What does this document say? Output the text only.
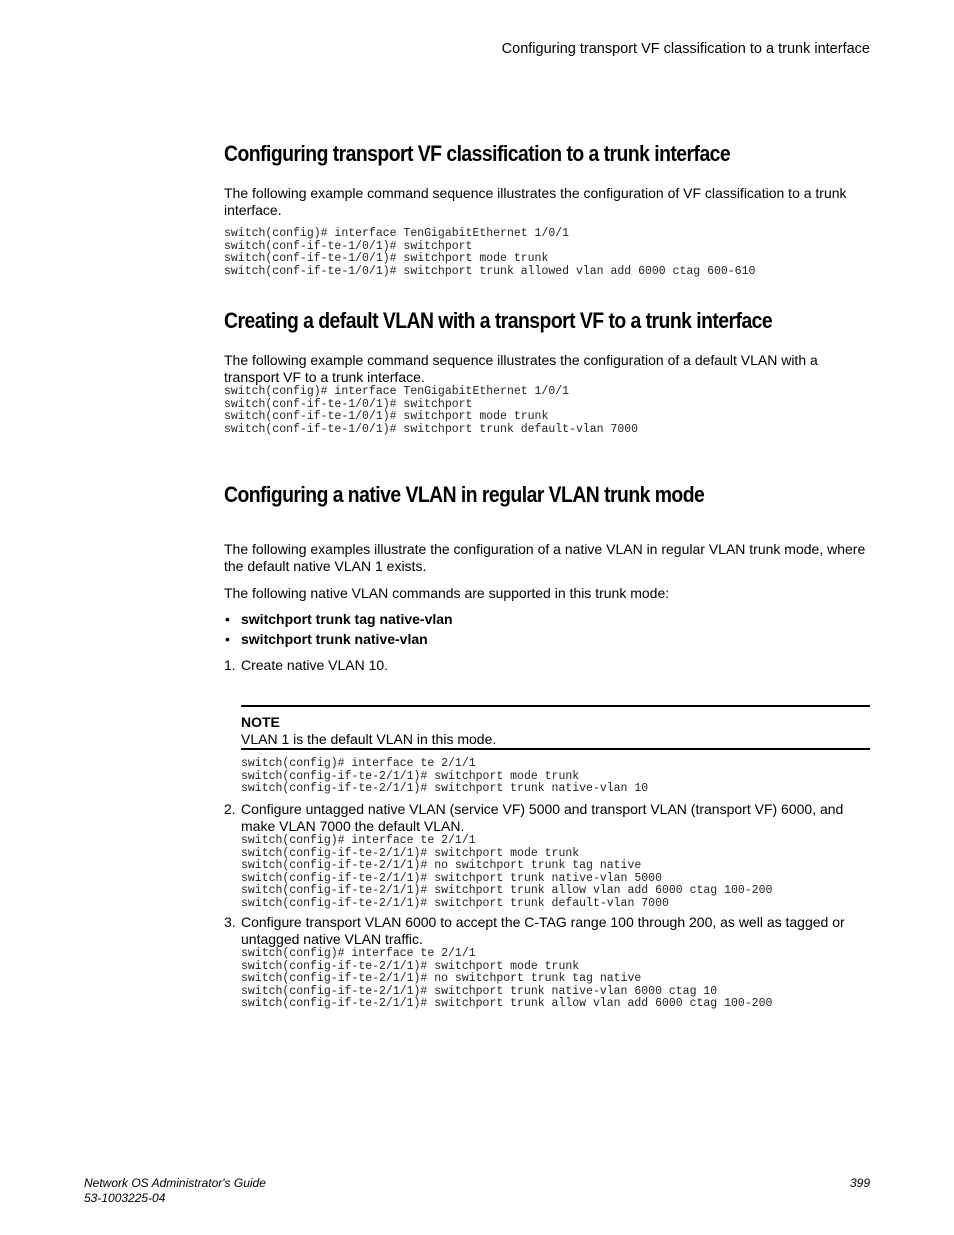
Configuring transport VF classification to a trunk interface
Configuring transport VF classification to a trunk interface
The following example command sequence illustrates the configuration of VF classification to a trunk interface.
switch(config)# interface TenGigabitEthernet 1/0/1
switch(conf-if-te-1/0/1)# switchport
switch(conf-if-te-1/0/1)# switchport mode trunk
switch(conf-if-te-1/0/1)# switchport trunk allowed vlan add 6000 ctag 600-610
Creating a default VLAN with a transport VF to a trunk interface
The following example command sequence illustrates the configuration of a default VLAN with a transport VF to a trunk interface.
switch(config)# interface TenGigabitEthernet 1/0/1
switch(conf-if-te-1/0/1)# switchport
switch(conf-if-te-1/0/1)# switchport mode trunk
switch(conf-if-te-1/0/1)# switchport trunk default-vlan 7000
Configuring a native VLAN in regular VLAN trunk mode
The following examples illustrate the configuration of a native VLAN in regular VLAN trunk mode, where the default native VLAN 1 exists.
The following native VLAN commands are supported in this trunk mode:
• switchport trunk tag native-vlan
• switchport trunk native-vlan
1. Create native VLAN 10.
NOTE
VLAN 1 is the default VLAN in this mode.
switch(config)# interface te 2/1/1
switch(config-if-te-2/1/1)# switchport mode trunk
switch(config-if-te-2/1/1)# switchport trunk native-vlan 10
2. Configure untagged native VLAN (service VF) 5000 and transport VLAN (transport VF) 6000, and make VLAN 7000 the default VLAN.
switch(config)# interface te 2/1/1
switch(config-if-te-2/1/1)# switchport mode trunk
switch(config-if-te-2/1/1)# no switchport trunk tag native
switch(config-if-te-2/1/1)# switchport trunk native-vlan 5000
switch(config-if-te-2/1/1)# switchport trunk allow vlan add 6000 ctag 100-200
switch(config-if-te-2/1/1)# switchport trunk default-vlan 7000
3. Configure transport VLAN 6000 to accept the C-TAG range 100 through 200, as well as tagged or untagged native VLAN traffic.
switch(config)# interface te 2/1/1
switch(config-if-te-2/1/1)# switchport mode trunk
switch(config-if-te-2/1/1)# no switchport trunk tag native
switch(config-if-te-2/1/1)# switchport trunk native-vlan 6000 ctag 10
switch(config-if-te-2/1/1)# switchport trunk allow vlan add 6000 ctag 100-200
Network OS Administrator's Guide
53-1003225-04
399
